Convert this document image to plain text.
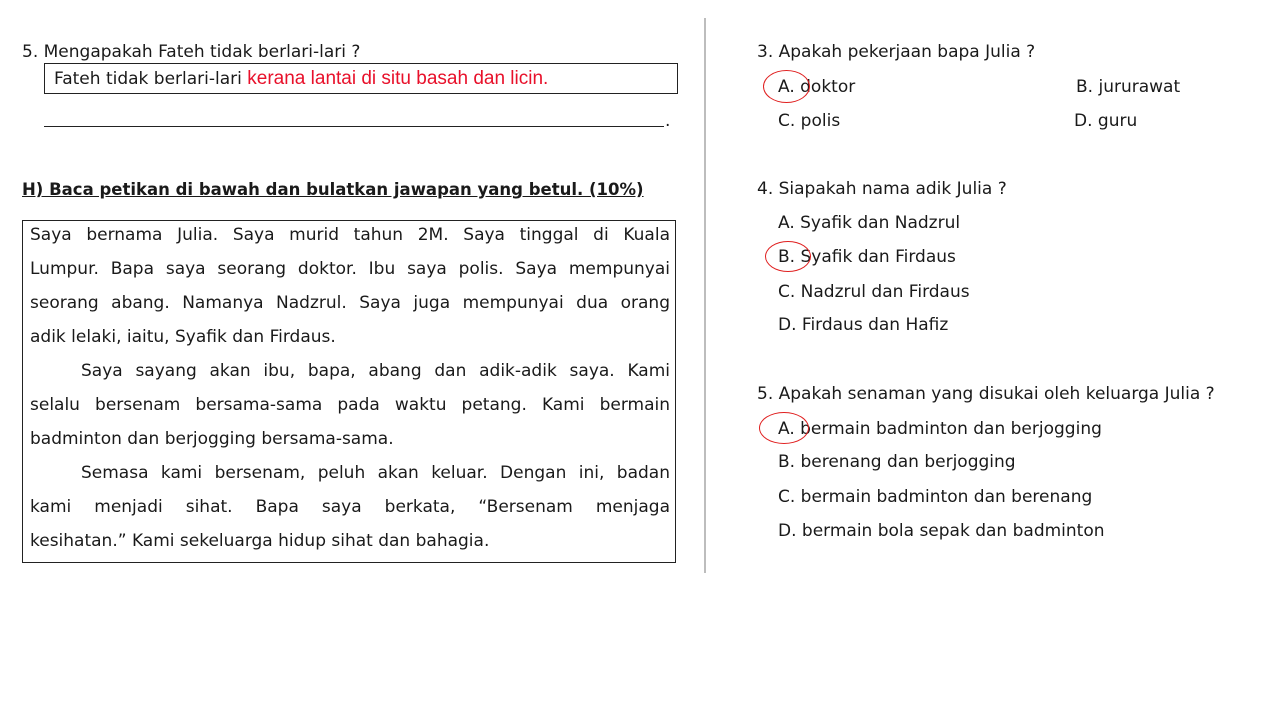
5. Mengapakah Fateh tidak berlari-lari ?
Fateh tidak berlari-lari kerana lantai di situ basah dan licin.
.
H) Baca petikan di bawah dan bulatkan jawapan yang betul. (10%)
Saya bernama Julia. Saya murid tahun 2M. Saya tinggal di Kuala
Lumpur. Bapa saya seorang doktor. Ibu saya polis. Saya mempunyai
seorang abang. Namanya Nadzrul. Saya juga mempunyai dua orang
adik lelaki, iaitu, Syafik dan Firdaus.
Saya sayang akan ibu, bapa, abang dan adik-adik saya. Kami
selalu bersenam bersama-sama pada waktu petang. Kami bermain
badminton dan berjogging bersama-sama.
Semasa kami bersenam, peluh akan keluar. Dengan ini, badan
kami menjadi sihat. Bapa saya berkata, “Bersenam menjaga
kesihatan.” Kami sekeluarga hidup sihat dan bahagia.
3. Apakah pekerjaan bapa Julia ?
A. doktor	B. jururawat
C. polis	D. guru
4. Siapakah nama adik Julia ?
A. Syafik dan Nadzrul
B. Syafik dan Firdaus
C. Nadzrul dan Firdaus
D. Firdaus dan Hafiz
5. Apakah senaman yang disukai oleh keluarga Julia ?
A. bermain badminton dan berjogging
B. berenang dan berjogging
C. bermain badminton dan berenang
D. bermain bola sepak dan badminton
